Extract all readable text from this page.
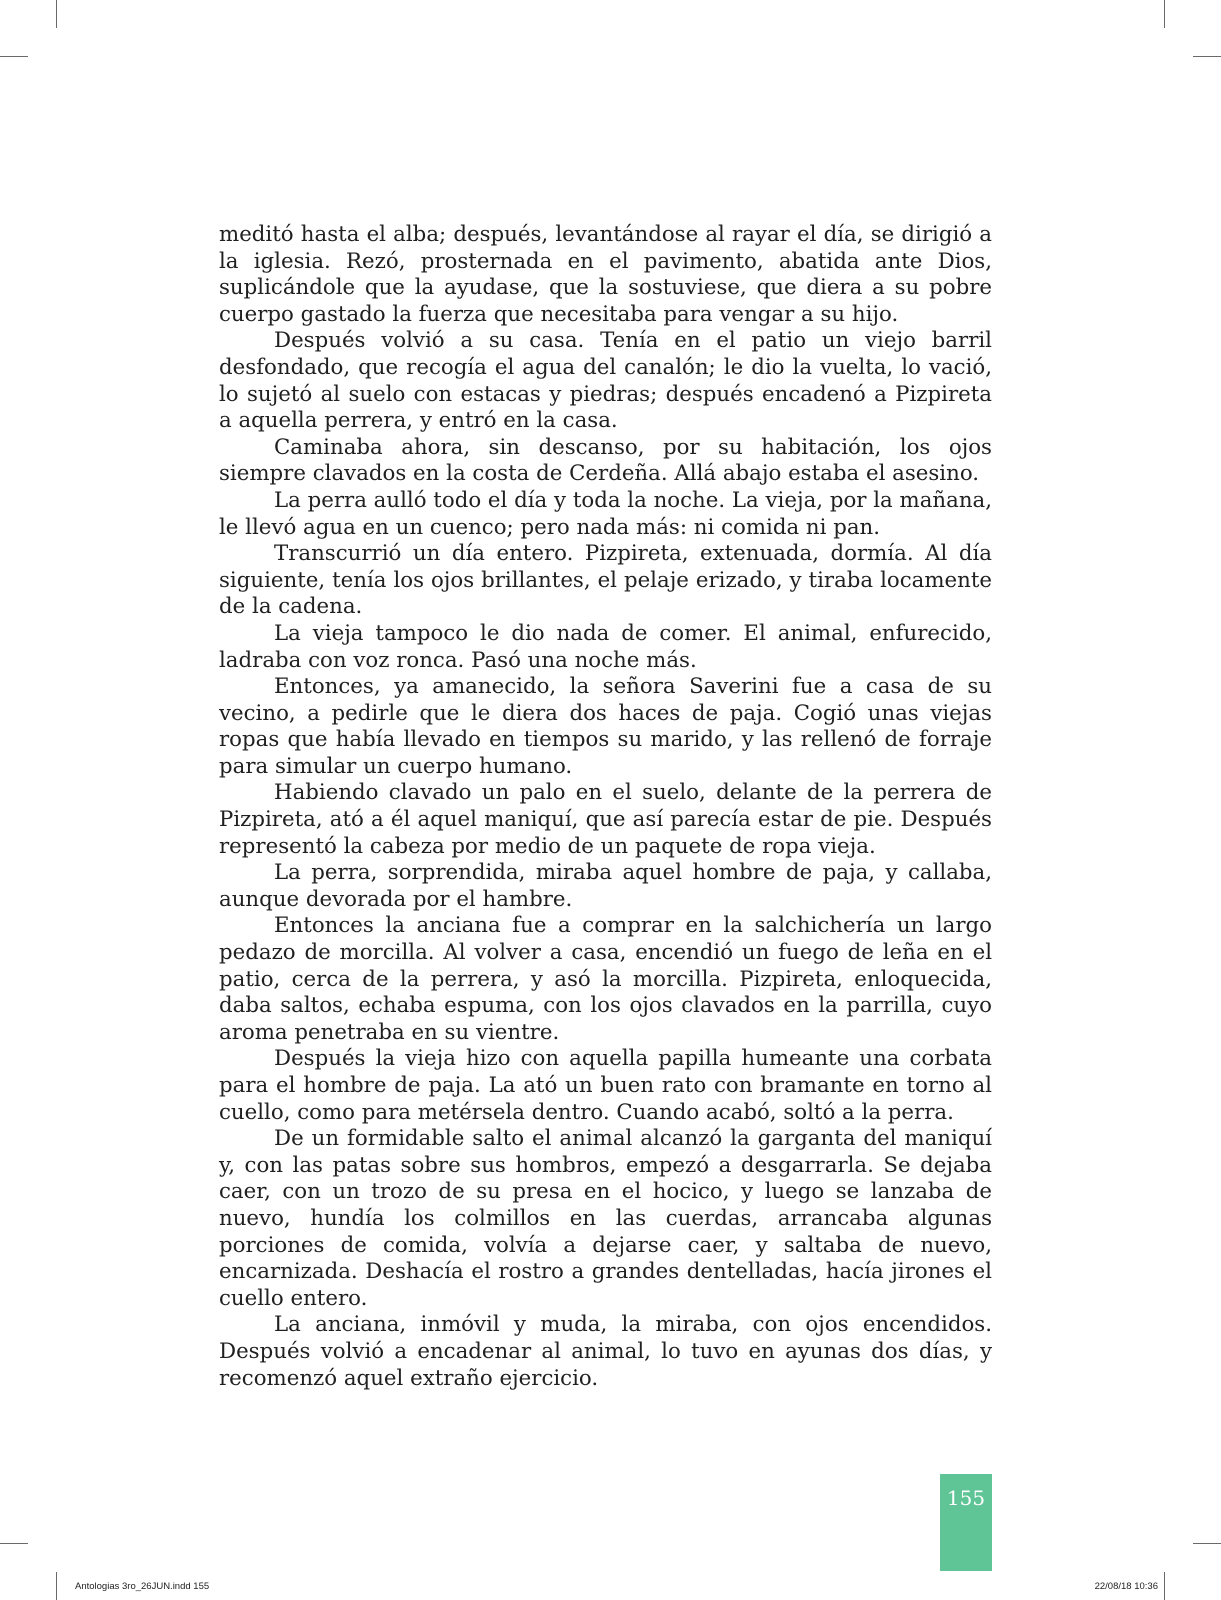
meditó hasta el alba; después, levantándose al rayar el día, se dirigió a la iglesia. Rezó, prosternada en el pavimento, abatida ante Dios, suplicándole que la ayudase, que la sostuviese, que diera a su pobre cuerpo gastado la fuerza que necesitaba para vengar a su hijo.

Después volvió a su casa. Tenía en el patio un viejo barril desfondado, que recogía el agua del canalón; le dio la vuelta, lo vació, lo sujetó al suelo con estacas y piedras; después encadenó a Pizpireta a aquella perrera, y entró en la casa.

Caminaba ahora, sin descanso, por su habitación, los ojos siempre clavados en la costa de Cerdeña. Allá abajo estaba el asesino.

La perra aulló todo el día y toda la noche. La vieja, por la mañana, le llevó agua en un cuenco; pero nada más: ni comida ni pan.

Transcurrió un día entero. Pizpireta, extenuada, dormía. Al día siguiente, tenía los ojos brillantes, el pelaje erizado, y tiraba locamente de la cadena.

La vieja tampoco le dio nada de comer. El animal, enfurecido, ladraba con voz ronca. Pasó una noche más.

Entonces, ya amanecido, la señora Saverini fue a casa de su vecino, a pedirle que le diera dos haces de paja. Cogió unas viejas ropas que había llevado en tiempos su marido, y las rellenó de forraje para simular un cuerpo humano.

Habiendo clavado un palo en el suelo, delante de la perrera de Pizpireta, ató a él aquel maniquí, que así parecía estar de pie. Después representó la cabeza por medio de un paquete de ropa vieja.

La perra, sorprendida, miraba aquel hombre de paja, y callaba, aunque devorada por el hambre.

Entonces la anciana fue a comprar en la salchichería un largo pedazo de morcilla. Al volver a casa, encendió un fuego de leña en el patio, cerca de la perrera, y asó la morcilla. Pizpireta, enloquecida, daba saltos, echaba espuma, con los ojos clavados en la parrilla, cuyo aroma penetraba en su vientre.

Después la vieja hizo con aquella papilla humeante una corbata para el hombre de paja. La ató un buen rato con bramante en torno al cuello, como para metérsela dentro. Cuando acabó, soltó a la perra.

De un formidable salto el animal alcanzó la garganta del maniquí y, con las patas sobre sus hombros, empezó a desgarrarla. Se dejaba caer, con un trozo de su presa en el hocico, y luego se lanzaba de nuevo, hundía los colmillos en las cuerdas, arrancaba algunas porciones de comida, volvía a dejarse caer, y saltaba de nuevo, encarnizada. Deshacía el rostro a grandes dentelladas, hacía jirones el cuello entero.

La anciana, inmóvil y muda, la miraba, con ojos encendidos. Después volvió a encadenar al animal, lo tuvo en ayunas dos días, y recomenzó aquel extraño ejercicio.

155
Antologias 3ro_26JUN.indd 155	22/08/18 10:36
